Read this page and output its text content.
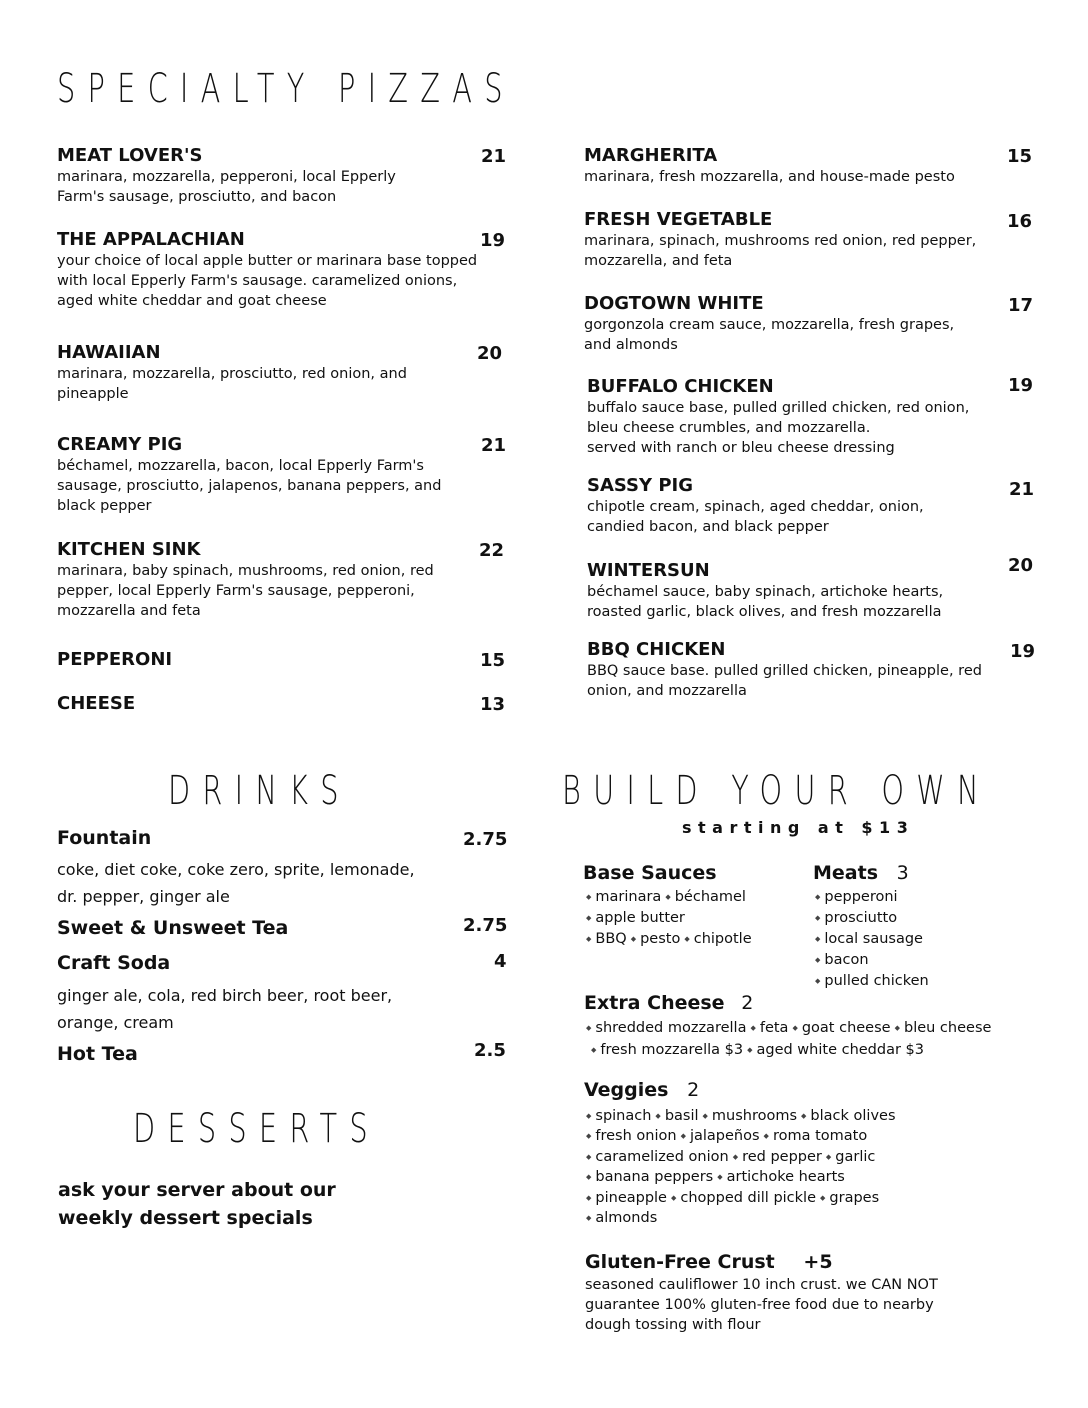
SPECIALTY PIZZAS
MEAT LOVER'S
marinara, mozzarella, pepperoni, local Epperly Farm's sausage, prosciutto, and bacon
21
THE APPALACHIAN
your choice of local apple butter or marinara base topped with local Epperly Farm's sausage. caramelized onions, aged white cheddar and goat cheese
19
HAWAIIAN
marinara, mozzarella, prosciutto, red onion, and pineapple
20
CREAMY PIG
béchamel, mozzarella, bacon, local Epperly Farm's sausage, prosciutto, jalapenos, banana peppers, and black pepper
21
KITCHEN SINK
marinara, baby spinach, mushrooms, red onion, red pepper, local Epperly Farm's sausage, pepperoni, mozzarella and feta
22
PEPPERONI	15
CHEESE	13
MARGHERITA
marinara, fresh mozzarella, and house-made pesto
15
FRESH VEGETABLE
marinara, spinach, mushrooms red onion, red pepper, mozzarella, and feta
16
DOGTOWN WHITE
gorgonzola cream sauce, mozzarella, fresh grapes, and almonds
17
BUFFALO CHICKEN
buffalo sauce base, pulled grilled chicken, red onion, bleu cheese crumbles, and mozzarella.
served with ranch or bleu cheese dressing
19
SASSY PIG
chipotle cream, spinach, aged cheddar, onion, candied bacon, and black pepper
21
WINTERSUN
béchamel sauce, baby spinach, artichoke hearts, roasted garlic, black olives, and fresh mozzarella
20
BBQ CHICKEN
BBQ sauce base. pulled grilled chicken, pineapple, red onion, and mozzarella
19
DRINKS
Fountain	2.75
coke, diet coke, coke zero, sprite, lemonade,
dr. pepper, ginger ale
Sweet & Unsweet Tea	2.75
Craft Soda	4
ginger ale, cola, red birch beer, root beer,
orange, cream
Hot Tea	2.5
DESSERTS
ask your server about our
weekly dessert specials
BUILD YOUR OWN
starting at $13
Base Sauces
◆ marinara ◆ béchamel
◆ apple butter
◆ BBQ ◆ pesto ◆ chipotle
Meats 3
◆ pepperoni
◆ prosciutto
◆ local sausage
◆ bacon
◆ pulled chicken
Extra Cheese 2
◆ shredded mozzarella ◆ feta ◆ goat cheese ◆ bleu cheese
◆ fresh mozzarella $3 ◆ aged white cheddar $3
Veggies 2
◆ spinach ◆ basil ◆ mushrooms ◆ black olives
◆ fresh onion ◆ jalapeños ◆ roma tomato
◆ caramelized onion ◆ red pepper ◆ garlic
◆ banana peppers ◆ artichoke hearts
◆ pineapple ◆ chopped dill pickle ◆ grapes
◆ almonds
Gluten-Free Crust +5
seasoned cauliflower 10 inch crust. we CAN NOT guarantee 100% gluten-free food due to nearby dough tossing with flour
